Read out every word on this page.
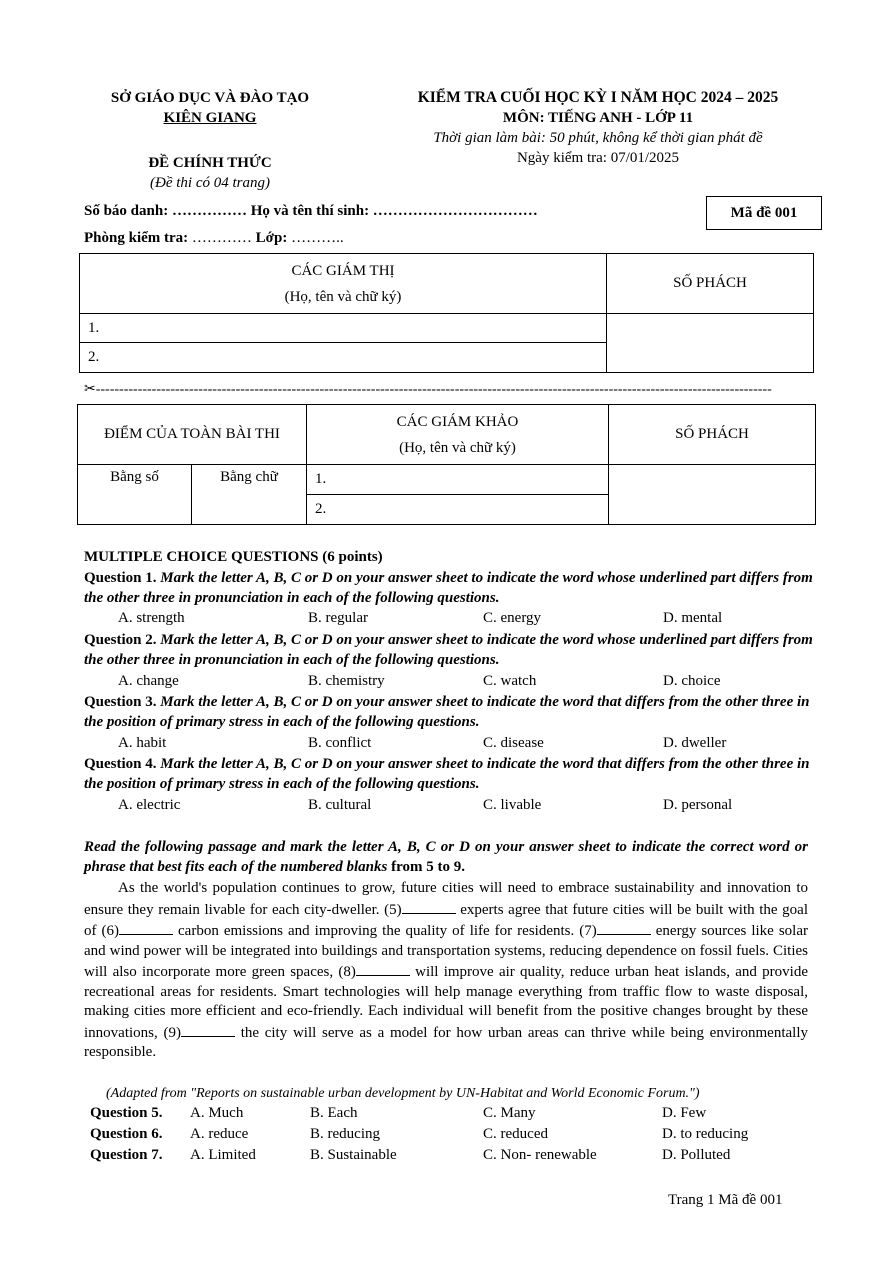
SỞ GIÁO DỤC VÀ ĐÀO TẠO
KIÊN GIANG
ĐỀ CHÍNH THỨC
(Đề thi có 04 trang)
KIỂM TRA CUỐI HỌC KỲ I NĂM HỌC 2024 – 2025
MÔN: TIẾNG ANH - LỚP 11
Thời gian làm bài: 50 phút, không kể thời gian phát đề
Ngày kiểm tra: 07/01/2025
Mã đề 001
Số báo danh: …………… Họ và tên thí sinh: ……………………………
Phòng kiểm tra: ………… Lớp: ………..
CÁC GIÁM THỊ
(Họ, tên và chữ ký)	SỐ PHÁCH
1.	
2.	
✂-------------------------------------------------------------------------------------------------------------------------------------------------
ĐIỂM CỦA TOÀN BÀI THI		CÁC GIÁM KHẢO
(Họ, tên và chữ ký)	SỐ PHÁCH
Bằng số	Bằng chữ	1.	
		2.	
MULTIPLE CHOICE QUESTIONS (6 points)
Question 1. Mark the letter A, B, C or D on your answer sheet to indicate the word whose underlined part differs from the other three in pronunciation in each of the following questions.
A. strength	B. regular	C. energy	D. mental
Question 2. Mark the letter A, B, C or D on your answer sheet to indicate the word whose underlined part differs from the other three in pronunciation in each of the following questions.
A. change	B. chemistry	C. watch	D. choice
Question 3. Mark the letter A, B, C or D on your answer sheet to indicate the word that differs from the other three in the position of primary stress in each of the following questions.
A. habit	B. conflict	C. disease	D. dweller
Question 4. Mark the letter A, B, C or D on your answer sheet to indicate the word that differs from the other three in the position of primary stress in each of the following questions.
A. electric	B. cultural	C. livable	D. personal
Read the following passage and mark the letter A, B, C or D on your answer sheet to indicate the correct word or phrase that best fits each of the numbered blanks from 5 to 9.
As the world's population continues to grow, future cities will need to embrace sustainability and innovation to ensure they remain livable for each city-dweller. (5)	experts agree that future cities will be built with the goal of (6)	carbon emissions and improving the quality of life for residents. (7)	energy sources like solar and wind power will be integrated into buildings and transportation systems, reducing dependence on fossil fuels. Cities will also incorporate more green spaces, (8)	will improve air quality, reduce urban heat islands, and provide recreational areas for residents. Smart technologies will help manage everything from traffic flow to waste disposal, making cities more efficient and eco-friendly. Each individual will benefit from the positive changes brought by these innovations, (9)	the city will serve as a model for how urban areas can thrive while being environmentally responsible.
(Adapted from "Reports on sustainable urban development by UN-Habitat and World Economic Forum.")
Question 5. A. Much	B. Each	C. Many	D. Few
Question 6. A. reduce	B. reducing	C. reduced	D. to reducing
Question 7. A. Limited	B. Sustainable	C. Non- renewable	D. Polluted
Trang 1 Mã đề 001
